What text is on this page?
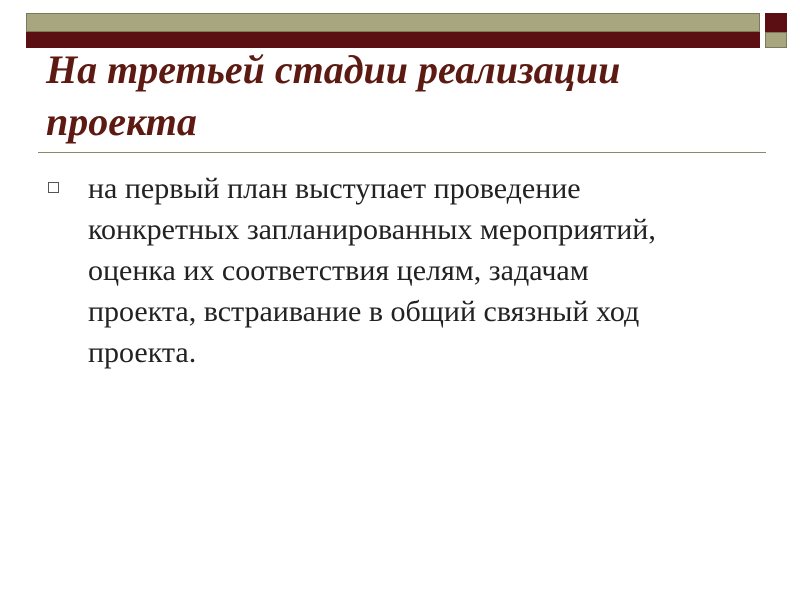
На третьей стадии реализации проекта
на первый план выступает проведение конкретных запланированных мероприятий, оценка их соответствия целям, задачам проекта, встраивание в общий связный ход проекта.
